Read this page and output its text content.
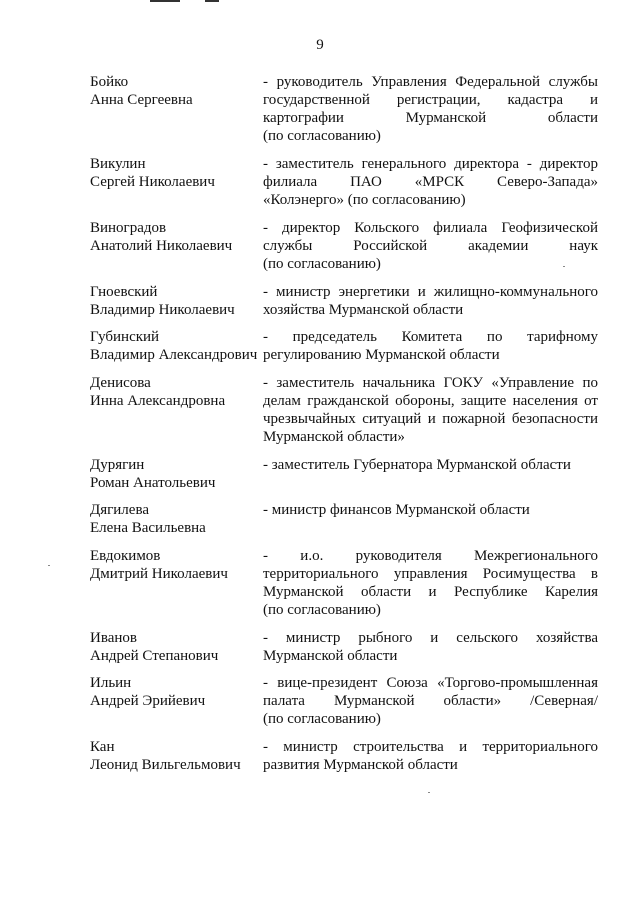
9
Бойко
Анна Сергеевна
- руководитель Управления Федеральной службы
государственной регистрации, кадастра и
картографии Мурманской области
(по согласованию)
Викулин
Сергей Николаевич
- заместитель генерального директора - директор
филиала ПАО «МРСК Северо-Запада»
«Колэнерго» (по согласованию)
Виноградов
Анатолий Николаевич
- директор Кольского филиала Геофизической
службы Российской академии наук
(по согласованию)
Гноевский
Владимир Николаевич
- министр энергетики и жилищно-коммунального
хозяйства Мурманской области
Губинский
Владимир Александрович
- председатель Комитета по тарифному
регулированию Мурманской области
Денисова
Инна Александровна
- заместитель начальника ГОКУ «Управление по
делам гражданской обороны, защите населения от
чрезвычайных ситуаций и пожарной безопасности
Мурманской области»
Дурягин
Роман Анатольевич
- заместитель Губернатора Мурманской области
Дягилева
Елена Васильевна
- министр финансов Мурманской области
Евдокимов
Дмитрий Николаевич
- и.о. руководителя Межрегионального
территориального управления Росимущества в
Мурманской области и Республике Карелия
(по согласованию)
Иванов
Андрей Степанович
- министр рыбного и сельского хозяйства
Мурманской области
Ильин
Андрей Эрийевич
- вице-президент Союза «Торгово-промышленная
палата Мурманской области» /Северная/
(по согласованию)
Кан
Леонид Вильгельмович
- министр строительства и территориального
развития Мурманской области
